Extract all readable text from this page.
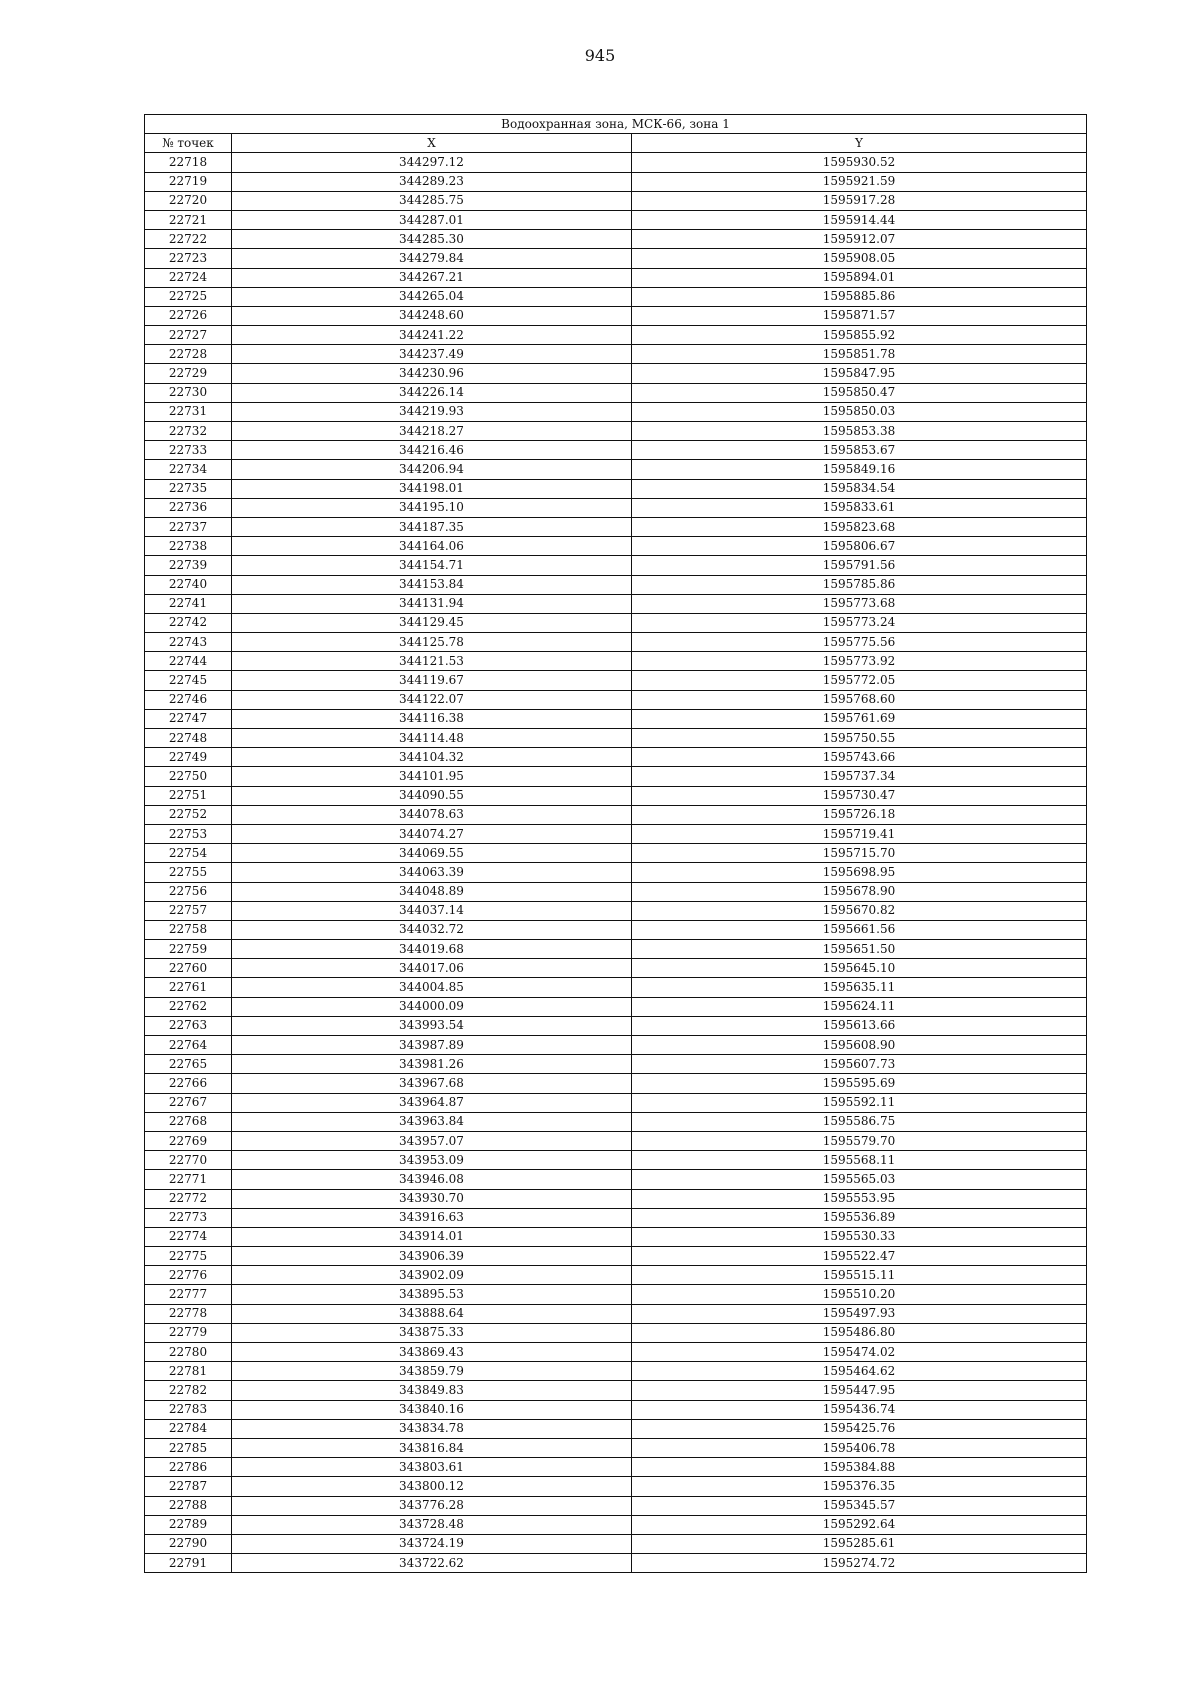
945
Водоохранная зона, МСК-66, зона 1		
№ точек	X	Y
22718	344297.12	1595930.52
22719	344289.23	1595921.59
22720	344285.75	1595917.28
22721	344287.01	1595914.44
22722	344285.30	1595912.07
22723	344279.84	1595908.05
22724	344267.21	1595894.01
22725	344265.04	1595885.86
22726	344248.60	1595871.57
22727	344241.22	1595855.92
22728	344237.49	1595851.78
22729	344230.96	1595847.95
22730	344226.14	1595850.47
22731	344219.93	1595850.03
22732	344218.27	1595853.38
22733	344216.46	1595853.67
22734	344206.94	1595849.16
22735	344198.01	1595834.54
22736	344195.10	1595833.61
22737	344187.35	1595823.68
22738	344164.06	1595806.67
22739	344154.71	1595791.56
22740	344153.84	1595785.86
22741	344131.94	1595773.68
22742	344129.45	1595773.24
22743	344125.78	1595775.56
22744	344121.53	1595773.92
22745	344119.67	1595772.05
22746	344122.07	1595768.60
22747	344116.38	1595761.69
22748	344114.48	1595750.55
22749	344104.32	1595743.66
22750	344101.95	1595737.34
22751	344090.55	1595730.47
22752	344078.63	1595726.18
22753	344074.27	1595719.41
22754	344069.55	1595715.70
22755	344063.39	1595698.95
22756	344048.89	1595678.90
22757	344037.14	1595670.82
22758	344032.72	1595661.56
22759	344019.68	1595651.50
22760	344017.06	1595645.10
22761	344004.85	1595635.11
22762	344000.09	1595624.11
22763	343993.54	1595613.66
22764	343987.89	1595608.90
22765	343981.26	1595607.73
22766	343967.68	1595595.69
22767	343964.87	1595592.11
22768	343963.84	1595586.75
22769	343957.07	1595579.70
22770	343953.09	1595568.11
22771	343946.08	1595565.03
22772	343930.70	1595553.95
22773	343916.63	1595536.89
22774	343914.01	1595530.33
22775	343906.39	1595522.47
22776	343902.09	1595515.11
22777	343895.53	1595510.20
22778	343888.64	1595497.93
22779	343875.33	1595486.80
22780	343869.43	1595474.02
22781	343859.79	1595464.62
22782	343849.83	1595447.95
22783	343840.16	1595436.74
22784	343834.78	1595425.76
22785	343816.84	1595406.78
22786	343803.61	1595384.88
22787	343800.12	1595376.35
22788	343776.28	1595345.57
22789	343728.48	1595292.64
22790	343724.19	1595285.61
22791	343722.62	1595274.72
